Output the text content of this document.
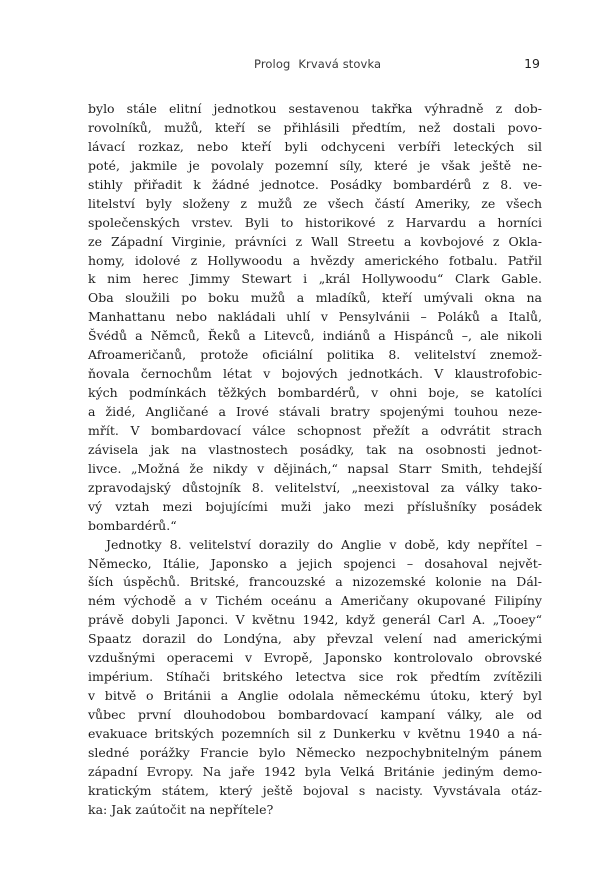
Prolog Krvavá stovka	19
bylo stále elitní jednotkou sestavenou takřka výhradně z dob-
rovolníků, mužů, kteří se přihlásili předtím, než dostali povo-
lávací rozkaz, nebo kteří byli odchyceni verbíři leteckých sil
poté, jakmile je povolaly pozemní síly, které je však ještě ne-
stihly přiřadit k žádné jednotce. Posádky bombardérů z 8. ve-
litelství byly složeny z mužů ze všech částí Ameriky, ze všech
společenských vrstev. Byli to historikové z Harvardu a horníci
ze Západní Virginie, právníci z Wall Streetu a kovbojové z Okla-
homy, idolové z Hollywoodu a hvězdy amerického fotbalu. Patřil
k nim herec Jimmy Stewart i „král Hollywoodu“ Clark Gable.
Oba sloužili po boku mužů a mladíků, kteří umývali okna na
Manhattanu nebo nakládali uhlí v Pensylvánii – Poláků a Italů,
Švédů a Němců, Řeků a Litevců, indiánů a Hispánců –, ale nikoli
Afroameričanů, protože oficiální politika 8. velitelství znemož-
ňovala černochům létat v bojových jednotkách. V klaustrofobic-
kých podmínkách těžkých bombardérů, v ohni boje, se katolíci
a židé, Angličané a Irové stávali bratry spojenými touhou neze-
mřít. V bombardovací válce schopnost přežít a odvrátit strach
závisela jak na vlastnostech posádky, tak na osobnosti jednot-
livce. „Možná že nikdy v dějinách,“ napsal Starr Smith, tehdejší
zpravodajský důstojník 8. velitelství, „neexistoval za války tako-
vý vztah mezi bojujícími muži jako mezi příslušníky posádek
bombardérů.“
Jednotky 8. velitelství dorazily do Anglie v době, kdy nepřítel –
Německo, Itálie, Japonsko a jejich spojenci – dosahoval největ-
ších úspěchů. Britské, francouzské a nizozemské kolonie na Dál-
ném východě a v Tichém oceánu a Američany okupované Filipíny
právě dobyli Japonci. V květnu 1942, když generál Carl A. „Tooey“
Spaatz dorazil do Londýna, aby převzal velení nad americkými
vzdušnými operacemi v Evropě, Japonsko kontrolovalo obrovské
impérium. Stíhači britského letectva sice rok předtím zvítězili
v bitvě o Británii a Anglie odolala německému útoku, který byl
vůbec první dlouhodobou bombardovací kampaní války, ale od
evakuace britských pozemních sil z Dunkerku v květnu 1940 a ná-
sledné porážky Francie bylo Německo nezpochybnitelným pánem
západní Evropy. Na jaře 1942 byla Velká Británie jediným demo-
kratickým státem, který ještě bojoval s nacisty. Vyvstávala otáz-
ka: Jak zaútočit na nepřítele?
